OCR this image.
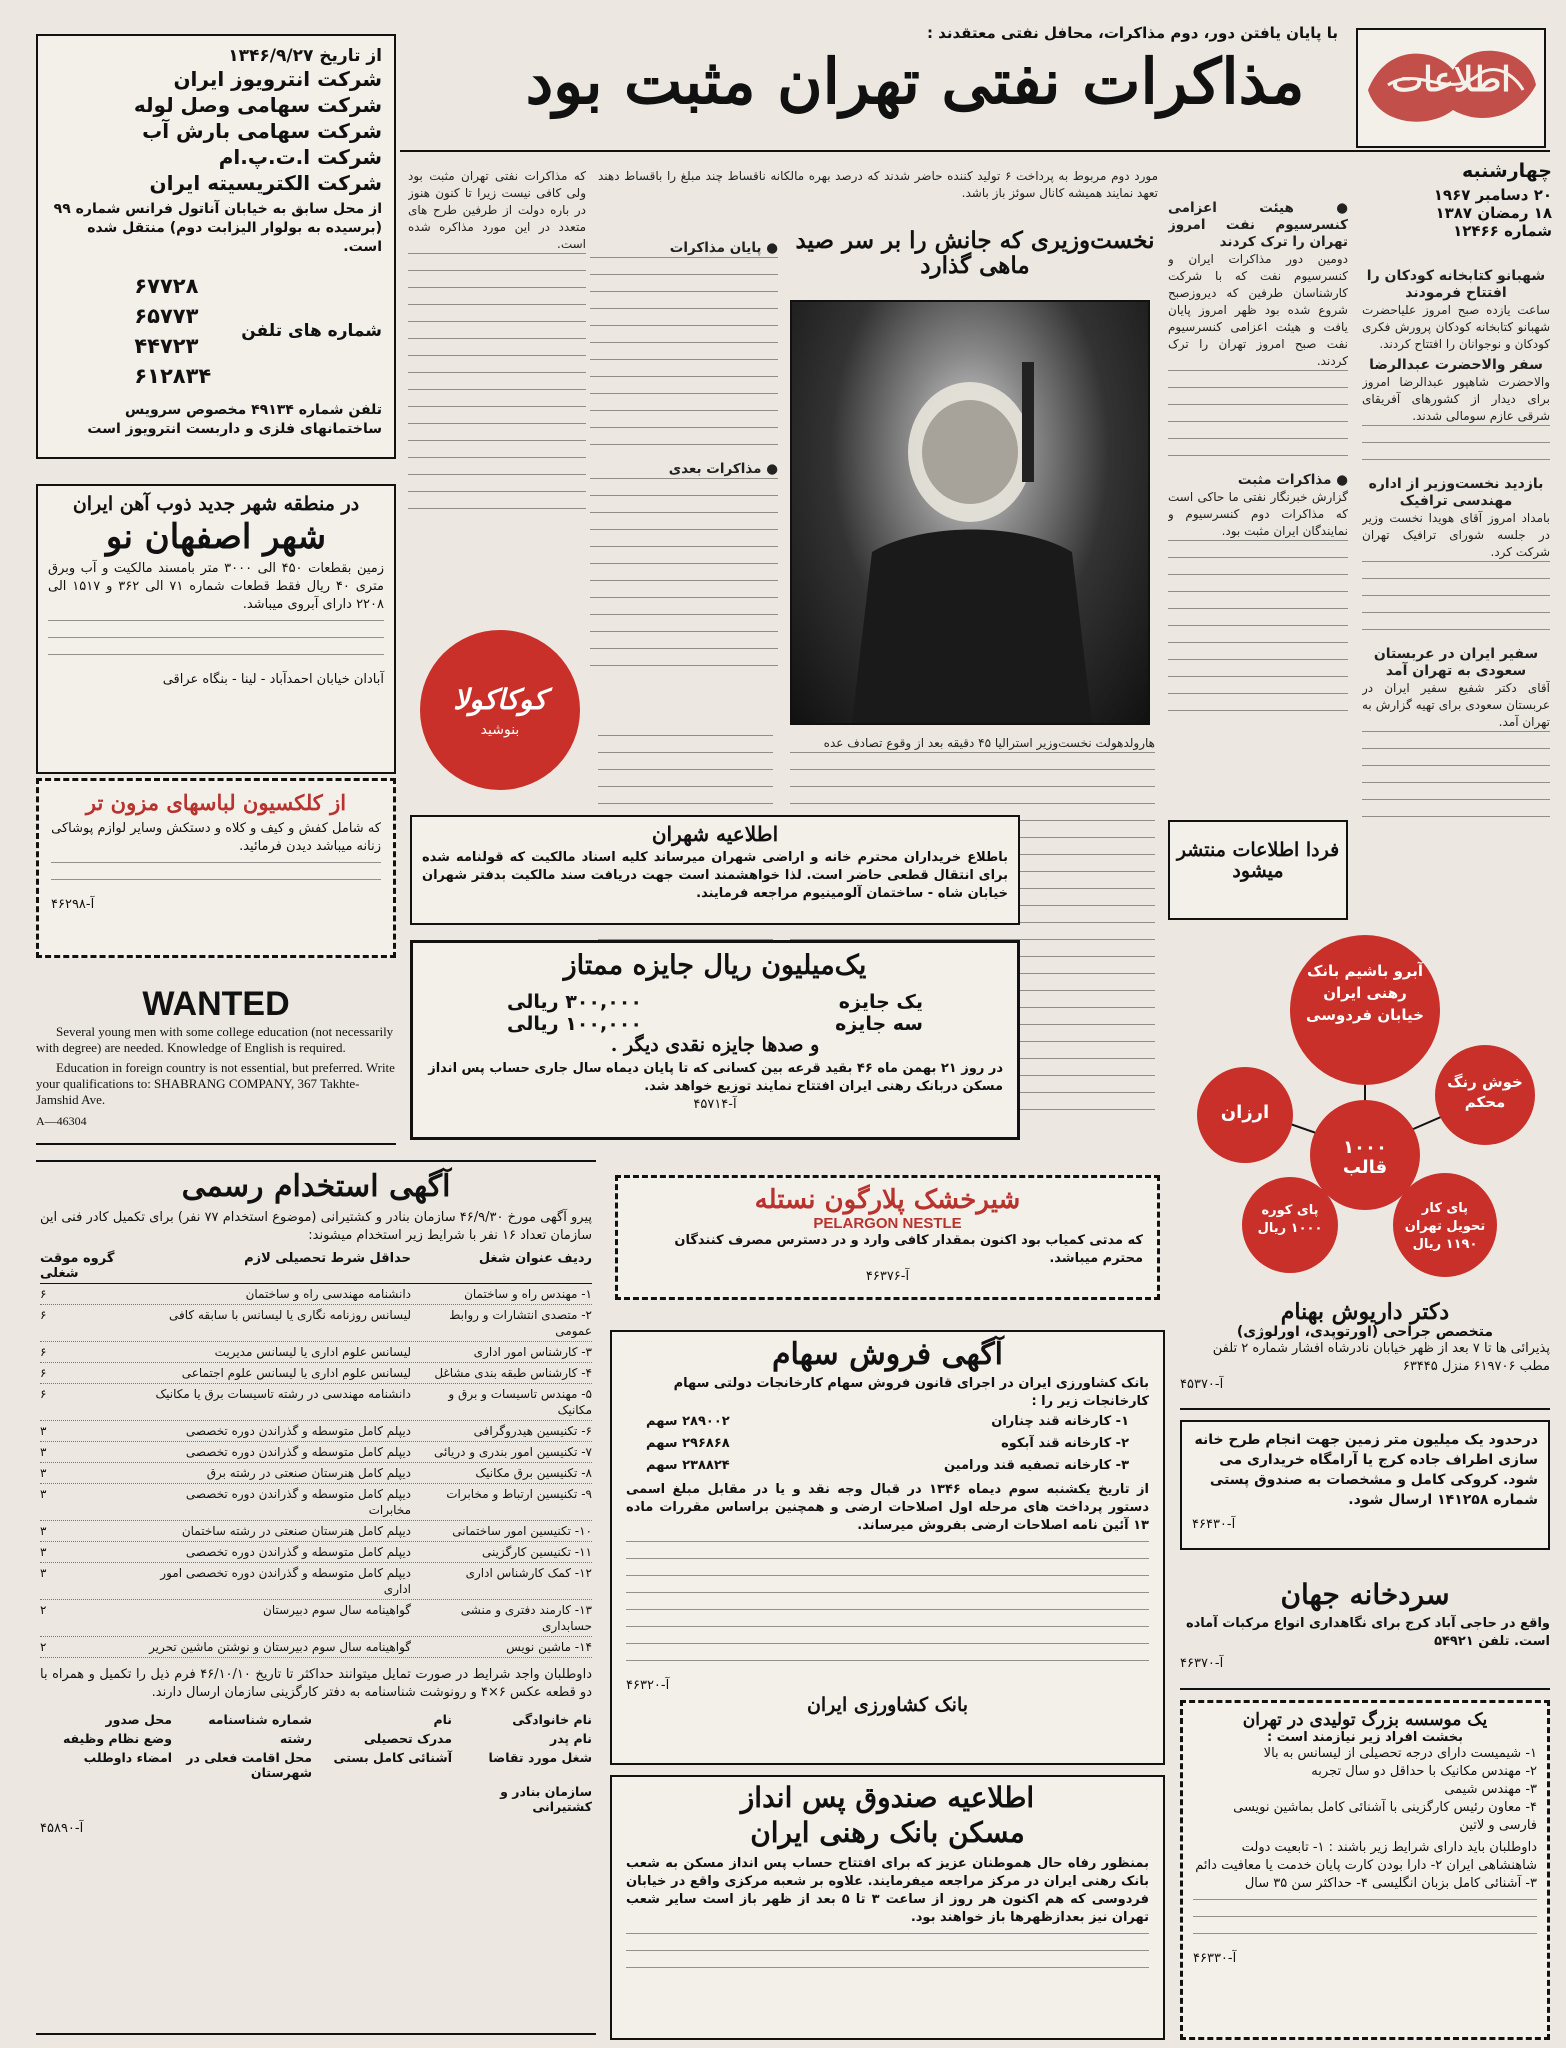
اطلاعات
۱۳۰۳
چهارشنبه
۲۰ دسامبر ۱۹۶۷
۱۸ رمضان ۱۳۸۷
شماره ۱۲۴۶۶
با پایان یافتن دور، دوم مذاکرات، محافل نفتی معتقدند :
مذاکرات نفتی تهران مثبت بود
شهبانو کتابخانه کودکان را افتتاح فرمودند
ساعت یازده صبح امروز علیاحضرت شهبانو کتابخانه کودکان پرورش فکری کودکان و نوجوانان را افتتاح کردند.
سفر والاحضرت عبدالرضا
والاحضرت شاهپور عبدالرضا امروز برای دیدار از کشورهای آفریقای شرقی عازم سومالی شدند.
بازدید نخست‌وزیر از اداره مهندسی ترافیک
بامداد امروز آقای هویدا نخست وزیر در جلسه شورای ترافیک تهران شرکت کرد.
سفیر ایران در عربستان سعودی به تهران آمد
آقای دکتر شفیع سفیر ایران در عربستان سعودی برای تهیه گزارش به تهران آمد.
● هیئت اعزامی کنسرسیوم نفت امروز تهران را ترک کردند
دومین دور مذاکرات ایران و کنسرسیوم نفت که با شرکت کارشناسان طرفین که دیروزصبح شروع شده بود ظهر امروز پایان یافت و هیئت اعزامی کنسرسیوم نفت صبح امروز تهران را ترک کردند.
● مذاکرات مثبت
گزارش خبرنگار نفتی ما حاکی است که مذاکرات دوم کنسرسیوم و نمایندگان ایران مثبت بود.
فردا اطلاعات منتشر میشود
مورد دوم مربوط به پرداخت ۶ تولید کننده حاضر شدند که درصد بهره مالکانه ناقساط چند مبلغ را باقساط دهند تعهد نمایند همیشه کانال سوئز باز باشد.
● پایان مذاکرات
● مذاکرات بعدی
که مذاکرات نفتی تهران مثبت بود ولی کافی نیست زیرا تا کنون هنوز در باره دولت از طرفین طرح های متعدد در این مورد مذاکره شده است.	نخست‌وزیری که جانش را بر سر صید ماهی گذارد
هارولدهولت نخست‌وزیر استرالیا ۴۵ دقیقه بعد از وقوع تصادف عده
از تاریخ ۱۳۴۶/۹/۲۷
شرکت انترویوز ایران
شرکت سهامی وصل لوله
شرکت سهامی بارش آب
شرکت ا.ت.پ.ام
شرکت الکتریسیته ایران
از محل سابق به خیابان آناتول فرانس شماره ۹۹ (برسیده به بولوار الیزابت دوم) منتقل شده است.
شماره های تلفن
۶۷۷۲۸
۶۵۷۷۳
۴۴۷۲۳
۶۱۲۸۳۴
تلفن شماره ۴۹۱۳۴ مخصوص سرویس ساختمانهای فلزی و داربست انترویوز است
در منطقه شهر جدید ذوب آهن ایران
شهر اصفهان نو
زمین بقطعات ۴۵۰ الی ۳۰۰۰ متر بامسند مالکیت و آب وبرق متری ۴۰ ریال فقط قطعات شماره ۷۱ الی ۳۶۲ و ۱۵۱۷ الی ۲۲۰۸ دارای آبروی میباشد.
آبادان خیابان احمدآباد - لینا - بنگاه عراقی
از کلکسیون لباسهای مزون تر
که شامل کفش و کیف و کلاه و دستکش وسایر لوازم پوشاکی زنانه میباشد دیدن فرمائید.
آ-۴۶۲۹۸
WANTED
Several young men with some college education (not necessarily with degree) are needed. Knowledge of English is required.
Education in foreign country is not essential, but preferred. Write your qualifications to: SHABRANG COMPANY, 367 Takhte-Jamshid Ave.
A—46304
کوکاکولا
بنوشید
اطلاعیه شهران
باطلاع خریداران محترم خانه و اراضی شهران میرساند کلیه اسناد مالکیت که قولنامه شده برای انتقال قطعی حاضر است. لذا خواهشمند است جهت دریافت سند مالکیت بدفتر شهران خیابان شاه - ساختمان آلومینیوم مراجعه فرمایند.
یک‌میلیون ریال جایزه ممتاز
یک جایزه
۳۰۰,۰۰۰ ریالی
سه جایزه
۱۰۰,۰۰۰ ریالی
و صدها جایزه نقدی دیگر .
در روز ۲۱ بهمن ماه ۴۶ بقید قرعه بین کسانی که تا پایان دیماه سال جاری حساب پس انداز مسکن دربانک رهنی ایران افتتاح نمایند توزیع خواهد شد.
آ-۴۵۷۱۴
آبرو باشیم بانک رهنی ایران خیابان فردوسی
ارزان
خوش رنگ محکم
۱۰۰۰ قالب
پای کوره ۱۰۰۰ ریال
پای کار تحویل تهران ۱۱۹۰ ریال
دکتر داریوش بهنام
متخصص جراحی (اورتوپدی، اورلوژی)
پذیرائی ها تا ۷ بعد از ظهر خیابان نادرشاه افشار شماره ۲ تلفن مطب ۶۱۹۷۰۶ منزل ۶۳۴۴۵
آ-۴۵۳۷۰
درحدود یک میلیون متر زمین جهت انجام طرح خانه سازی اطراف جاده کرج یا آرامگاه خریداری می شود. کروکی کامل و مشخصات به صندوق پستی شماره ۱۴۱۲۵۸ ارسال شود.
آ-۴۶۴۳۰
سردخانه جهان
واقع در حاجی آباد کرج برای نگاهداری انواع مرکبات آماده است. تلفن ۵۴۹۲۱
آ-۴۶۳۷۰
یک موسسه بزرگ تولیدی در تهران
بخشت افراد زیر نیازمند است :
۱- شیمیست دارای درجه تحصیلی از لیسانس به بالا
۲- مهندس مکانیک با حداقل دو سال تجربه
۳- مهندس شیمی
۴- معاون رئیس کارگزینی با آشنائی کامل بماشین نویسی فارسی و لاتین
داوطلبان باید دارای شرایط زیر باشند : ۱- تابعیت دولت شاهنشاهی ایران ۲- دارا بودن کارت پایان خدمت یا معافیت دائم ۳- آشنائی کامل بزبان انگلیسی ۴- حداکثر سن ۳۵ سال
آ-۴۶۳۳۰
شیرخشک پلارگون نستله
PELARGON NESTLE
که مدتی کمیاب بود اکنون بمقدار کافی وارد و در دسترس مصرف کنندگان محترم میباشد.
آ-۴۶۳۷۶
آگهی فروش سهام
بانک کشاورزی ایران در اجرای قانون فروش سهام کارخانجات دولتی سهام کارخانجات زیر را :
۱- کارخانه قند چناران
۲۸۹۰۰۲ سهم
۲- کارخانه قند آبکوه
۲۹۶۸۶۸ سهم
۳- کارخانه تصفیه قند ورامین
۲۳۸۸۲۴ سهم
از تاریخ یکشنبه سوم دیماه ۱۳۴۶ در قبال وجه نقد و یا در مقابل مبلغ اسمی دستور پرداخت های مرحله اول اصلاحات ارضی و همچنین براساس مقررات ماده ۱۳ آئین نامه اصلاحات ارضی بفروش میرساند.
آ-۴۶۳۲۰
بانک کشاورزی ایران
اطلاعیه صندوق پس انداز
مسکن بانک رهنی ایران
بمنظور رفاه حال هموطنان عزیز که برای افتتاح حساب پس انداز مسکن به شعب بانک رهنی ایران در مرکز مراجعه میفرمایند. علاوه بر شعبه مرکزی واقع در خیابان فردوسی که هم اکنون هر روز از ساعت ۳ تا ۵ بعد از ظهر باز است سایر شعب تهران نیز بعدازظهرها باز خواهند بود.
آگهی استخدام رسمی
پیرو آگهی مورخ ۴۶/۹/۳۰ سازمان بنادر و کشتیرانی (موضوع استخدام ۷۷ نفر) برای تکمیل کادر فنی این سازمان تعداد ۱۶ نفر با شرایط زیر استخدام میشوند:
ردیف عنوان شغل
حداقل شرط تحصیلی لازم
گروه موقت شغلی
۱- مهندس راه و ساختمان
دانشنامه مهندسی راه و ساختمان
۶
۲- متصدی انتشارات و روابط عمومی
لیسانس روزنامه نگاری یا لیسانس با سابقه کافی
۶
۳- کارشناس امور اداری
لیسانس علوم اداری یا لیسانس مدیریت
۶
۴- کارشناس طبقه بندی مشاغل
لیسانس علوم اداری یا لیسانس علوم اجتماعی
۶
۵- مهندس تاسیسات و برق و مکانیک
دانشنامه مهندسی در رشته تاسیسات برق یا مکانیک
۶
۶- تکنیسین هیدروگرافی
دیپلم کامل متوسطه و گذراندن دوره تخصصی
۳
۷- تکنیسین امور بندری و دریائی
دیپلم کامل متوسطه و گذراندن دوره تخصصی
۳
۸- تکنیسین برق مکانیک
دیپلم کامل هنرستان صنعتی در رشته برق
۳
۹- تکنیسین ارتباط و مخابرات
دیپلم کامل متوسطه و گذراندن دوره تخصصی مخابرات
۳
۱۰- تکنیسین امور ساختمانی
دیپلم کامل هنرستان صنعتی در رشته ساختمان
۳
۱۱- تکنیسین کارگزینی
دیپلم کامل متوسطه و گذراندن دوره تخصصی
۳
۱۲- کمک کارشناس اداری
دیپلم کامل متوسطه و گذراندن دوره تخصصی امور اداری
۳
۱۳- کارمند دفتری و منشی حسابداری
گواهینامه سال سوم دبیرستان
۲
۱۴- ماشین نویس
گواهینامه سال سوم دبیرستان و نوشتن ماشین تحریر
۲
داوطلبان واجد شرایط در صورت تمایل میتوانند حداکثر تا تاریخ ۴۶/۱۰/۱۰ فرم ذیل را تکمیل و همراه با دو قطعه عکس ۶×۴ و رونوشت شناسنامه به دفتر کارگزینی سازمان ارسال دارند.
نام خانوادگی
نام
شماره شناسنامه
محل صدور
نام پدر
مدرک تحصیلی
رشته
وضع نظام وظیفه
شغل مورد تقاضا
آشنائی کامل بستی
محل اقامت فعلی در شهرستان
امضاء داوطلب
سازمان بنادر و کشتیرانی
آ-۴۵۸۹۰
